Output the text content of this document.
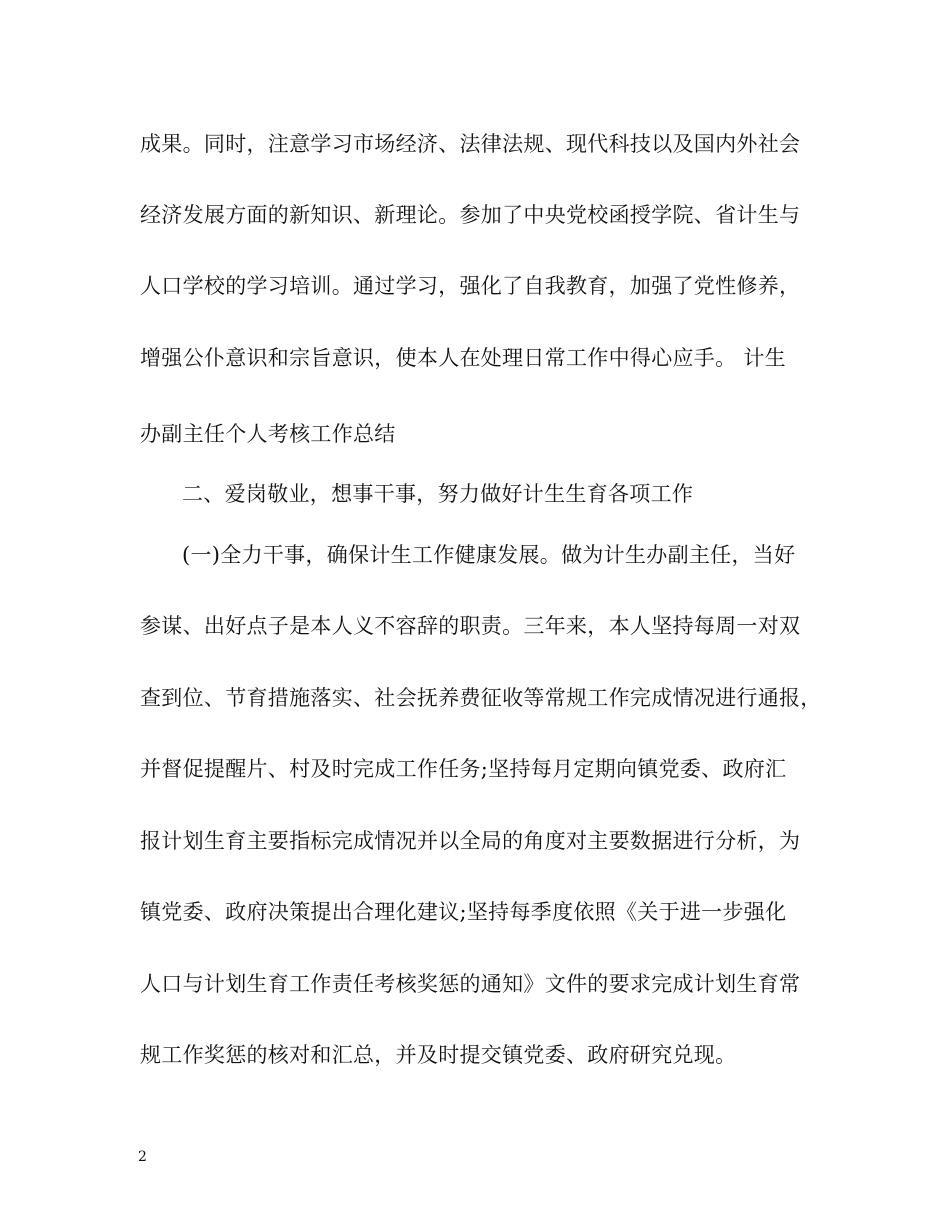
成果。同时，注意学习市场经济、法律法规、现代科技以及国内外社会
经济发展方面的新知识、新理论。参加了中央党校函授学院、省计生与
人口学校的学习培训。通过学习，强化了自我教育，加强了党性修养，
增强公仆意识和宗旨意识，使本人在处理日常工作中得心应手。 计生
办副主任个人考核工作总结
二、爱岗敬业，想事干事，努力做好计生生育各项工作
(一)全力干事，确保计生工作健康发展。做为计生办副主任，当好
参谋、出好点子是本人义不容辞的职责。三年来，本人坚持每周一对双
查到位、节育措施落实、社会抚养费征收等常规工作完成情况进行通报，
并督促提醒片、村及时完成工作任务;坚持每月定期向镇党委、政府汇
报计划生育主要指标完成情况并以全局的角度对主要数据进行分析，为
镇党委、政府决策提出合理化建议;坚持每季度依照《关于进一步强化
人口与计划生育工作责任考核奖惩的通知》文件的要求完成计划生育常
规工作奖惩的核对和汇总，并及时提交镇党委、政府研究兑现。
2
